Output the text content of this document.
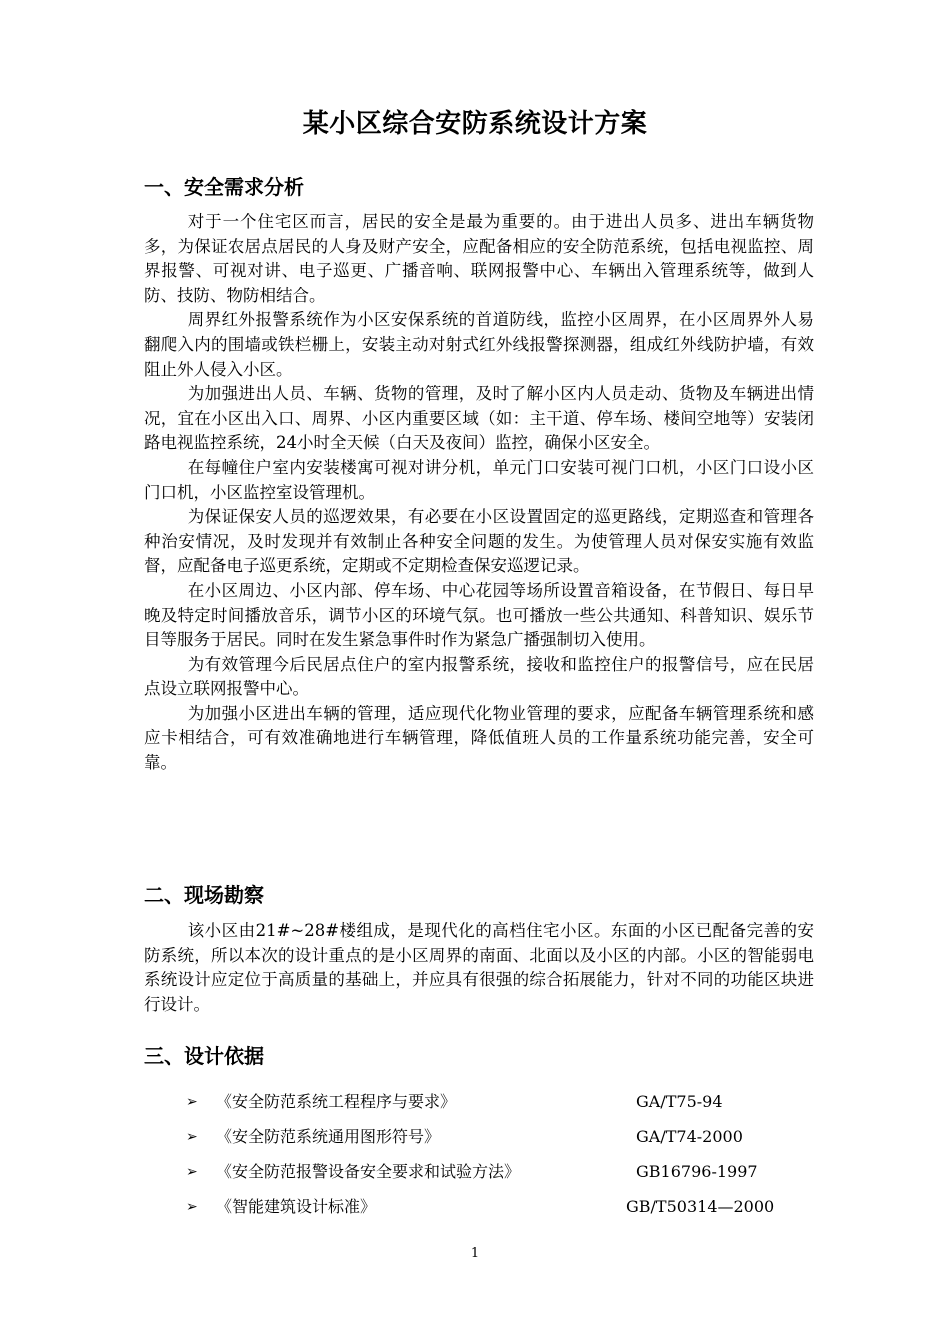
某小区综合安防系统设计方案
一、安全需求分析

对于一个住宅区而言，居民的安全是最为重要的。由于进出人员多、进出车辆货物多，为保证农居点居民的人身及财产安全，应配备相应的安全防范系统，包括电视监控、周界报警、可视对讲、电子巡更、广播音响、联网报警中心、车辆出入管理系统等，做到人防、技防、物防相结合。

周界红外报警系统作为小区安保系统的首道防线，监控小区周界，在小区周界外人易翻爬入内的围墙或铁栏栅上，安装主动对射式红外线报警探测器，组成红外线防护墙，有效阻止外人侵入小区。

为加强进出人员、车辆、货物的管理，及时了解小区内人员走动、货物及车辆进出情况，宜在小区出入口、周界、小区内重要区域（如：主干道、停车场、楼间空地等）安装闭路电视监控系统，24小时全天候（白天及夜间）监控，确保小区安全。

在每幢住户室内安装楼寓可视对讲分机，单元门口安装可视门口机，小区门口设小区门口机，小区监控室设管理机。

为保证保安人员的巡逻效果，有必要在小区设置固定的巡更路线，定期巡查和管理各种治安情况，及时发现并有效制止各种安全问题的发生。为使管理人员对保安实施有效监督，应配备电子巡更系统，定期或不定期检查保安巡逻记录。

在小区周边、小区内部、停车场、中心花园等场所设置音箱设备，在节假日、每日早晚及特定时间播放音乐，调节小区的环境气氛。也可播放一些公共通知、科普知识、娱乐节目等服务于居民。同时在发生紧急事件时作为紧急广播强制切入使用。

为有效管理今后民居点住户的室内报警系统，接收和监控住户的报警信号，应在民居点设立联网报警中心。

为加强小区进出车辆的管理，适应现代化物业管理的要求，应配备车辆管理系统和感应卡相结合，可有效准确地进行车辆管理，降低值班人员的工作量系统功能完善，安全可靠。

二、现场勘察

该小区由21#~28#楼组成，是现代化的高档住宅小区。东面的小区已配备完善的安防系统，所以本次的设计重点的是小区周界的南面、北面以及小区的内部。小区的智能弱电系统设计应定位于高质量的基础上，并应具有很强的综合拓展能力，针对不同的功能区块进行设计。

三、设计依据
➢ 《安全防范系统工程程序与要求》	GA/T75-94
➢ 《安全防范系统通用图形符号》	GA/T74-2000
➢ 《安全防范报警设备安全要求和试验方法》	GB16796-1997
➢ 《智能建筑设计标准》	GB/T50314—2000
1
